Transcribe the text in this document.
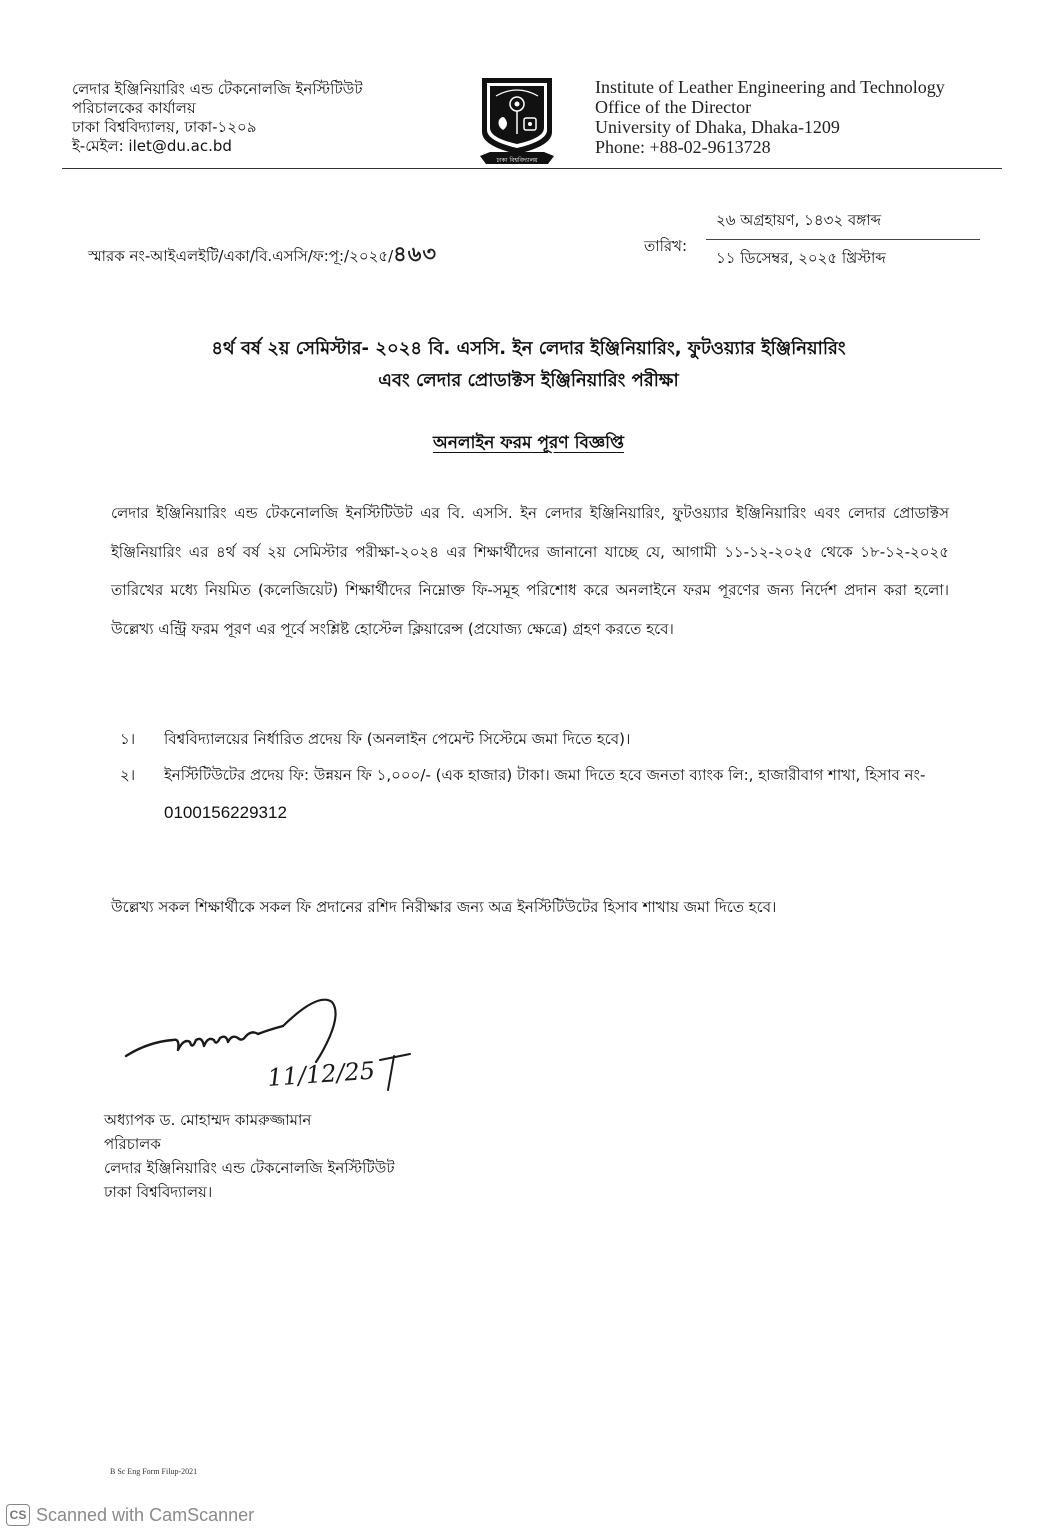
লেদার ইঞ্জিনিয়ারিং এন্ড টেকনোলজি ইনস্টিটিউট
পরিচালকের কার্যালয়
ঢাকা বিশ্ববিদ্যালয়, ঢাকা-১২০৯
ই-মেইল: ilet@du.ac.bd
ঢাকা বিশ্ববিদ্যালয়
Institute of Leather Engineering and Technology
Office of the Director
University of Dhaka, Dhaka-1209
Phone: +88-02-9613728
স্মারক নং-আইএলইটি/একা/বি.এসসি/ফ:পূ:/২০২৫/৪৬৩	তারিখ:
২৬ অগ্রহায়ণ, ১৪৩২ বঙ্গাব্দ
১১ ডিসেম্বর, ২০২৫ খ্রিস্টাব্দ
৪র্থ বর্ষ ২য় সেমিস্টার- ২০২৪ বি. এসসি. ইন লেদার ইঞ্জিনিয়ারিং, ফুটওয়্যার ইঞ্জিনিয়ারিং
এবং লেদার প্রোডাক্টস ইঞ্জিনিয়ারিং পরীক্ষা
অনলাইন ফরম পূরণ বিজ্ঞপ্তি
লেদার ইঞ্জিনিয়ারিং এন্ড টেকনোলজি ইনস্টিটিউট এর বি. এসসি. ইন লেদার ইঞ্জিনিয়ারিং, ফুটওয়্যার ইঞ্জিনিয়ারিং এবং লেদার প্রোডাক্টস ইঞ্জিনিয়ারিং এর ৪র্থ বর্ষ ২য় সেমিস্টার পরীক্ষা-২০২৪ এর শিক্ষার্থীদের জানানো যাচ্ছে যে, আগামী ১১-১২-২০২৫ থেকে ১৮-১২-২০২৫ তারিখের মধ্যে নিয়মিত (কলেজিয়েট) শিক্ষার্থীদের নিম্নোক্ত ফি-সমূহ পরিশোধ করে অনলাইনে ফরম পূরণের জন্য নির্দেশ প্রদান করা হলো। উল্লেখ্য এন্ট্রি ফরম পূরণ এর পূর্বে সংশ্লিষ্ট হোস্টেল ক্লিয়ারেন্স (প্রযোজ্য ক্ষেত্রে) গ্রহণ করতে হবে।
১।	বিশ্ববিদ্যালয়ের নির্ধারিত প্রদেয় ফি (অনলাইন পেমেন্ট সিস্টেমে জমা দিতে হবে)।
২।	ইনস্টিটিউটের প্রদেয় ফি: উন্নয়ন ফি ১,০০০/- (এক হাজার) টাকা। জমা দিতে হবে জনতা ব্যাংক লি:, হাজারীবাগ শাখা, হিসাব নং- 0100156229312
উল্লেখ্য সকল শিক্ষার্থীকে সকল ফি প্রদানের রশিদ নিরীক্ষার জন্য অত্র ইনস্টিটিউটের হিসাব শাখায় জমা দিতে হবে।
11/12/25
অধ্যাপক ড. মোহাম্মদ কামরুজ্জামান
পরিচালক
লেদার ইঞ্জিনিয়ারিং এন্ড টেকনোলজি ইনস্টিটিউট
ঢাকা বিশ্ববিদ্যালয়।
B Sc Eng Form Filup-2021
CS Scanned with CamScanner
